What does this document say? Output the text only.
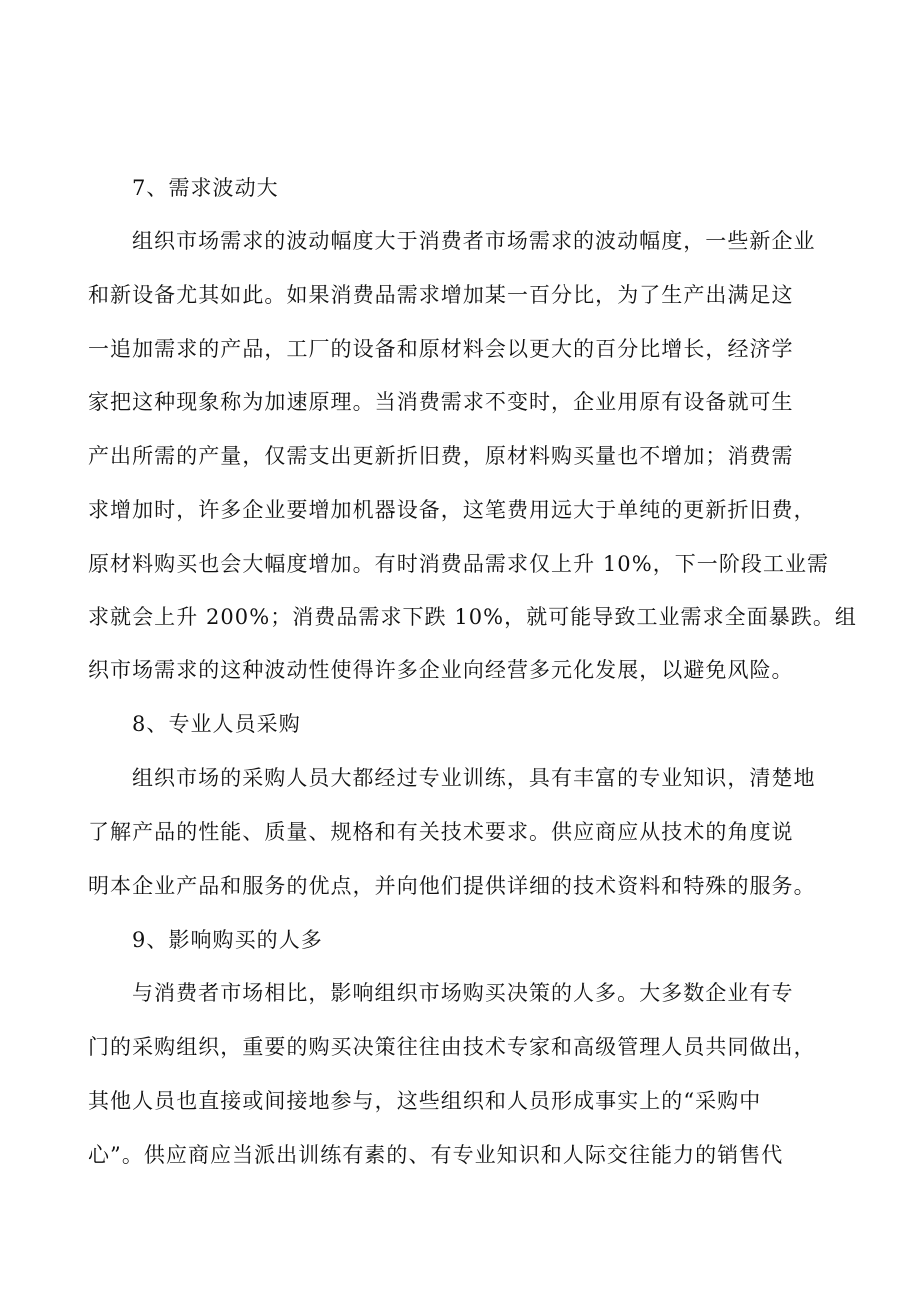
7、需求波动大
组织市场需求的波动幅度大于消费者市场需求的波动幅度，一些新企业
和新设备尤其如此。如果消费品需求增加某一百分比，为了生产出满足这
一追加需求的产品，工厂的设备和原材料会以更大的百分比增长，经济学
家把这种现象称为加速原理。当消费需求不变时，企业用原有设备就可生
产出所需的产量，仅需支出更新折旧费，原材料购买量也不增加；消费需
求增加时，许多企业要增加机器设备，这笔费用远大于单纯的更新折旧费，
原材料购买也会大幅度增加。有时消费品需求仅上升 10%，下一阶段工业需
求就会上升 200%；消费品需求下跌 10%，就可能导致工业需求全面暴跌。组
织市场需求的这种波动性使得许多企业向经营多元化发展，以避免风险。
8、专业人员采购
组织市场的采购人员大都经过专业训练，具有丰富的专业知识，清楚地
了解产品的性能、质量、规格和有关技术要求。供应商应从技术的角度说
明本企业产品和服务的优点，并向他们提供详细的技术资料和特殊的服务。
9、影响购买的人多
与消费者市场相比，影响组织市场购买决策的人多。大多数企业有专
门的采购组织，重要的购买决策往往由技术专家和高级管理人员共同做出，
其他人员也直接或间接地参与，这些组织和人员形成事实上的“采购中
心”。供应商应当派出训练有素的、有专业知识和人际交往能力的销售代
